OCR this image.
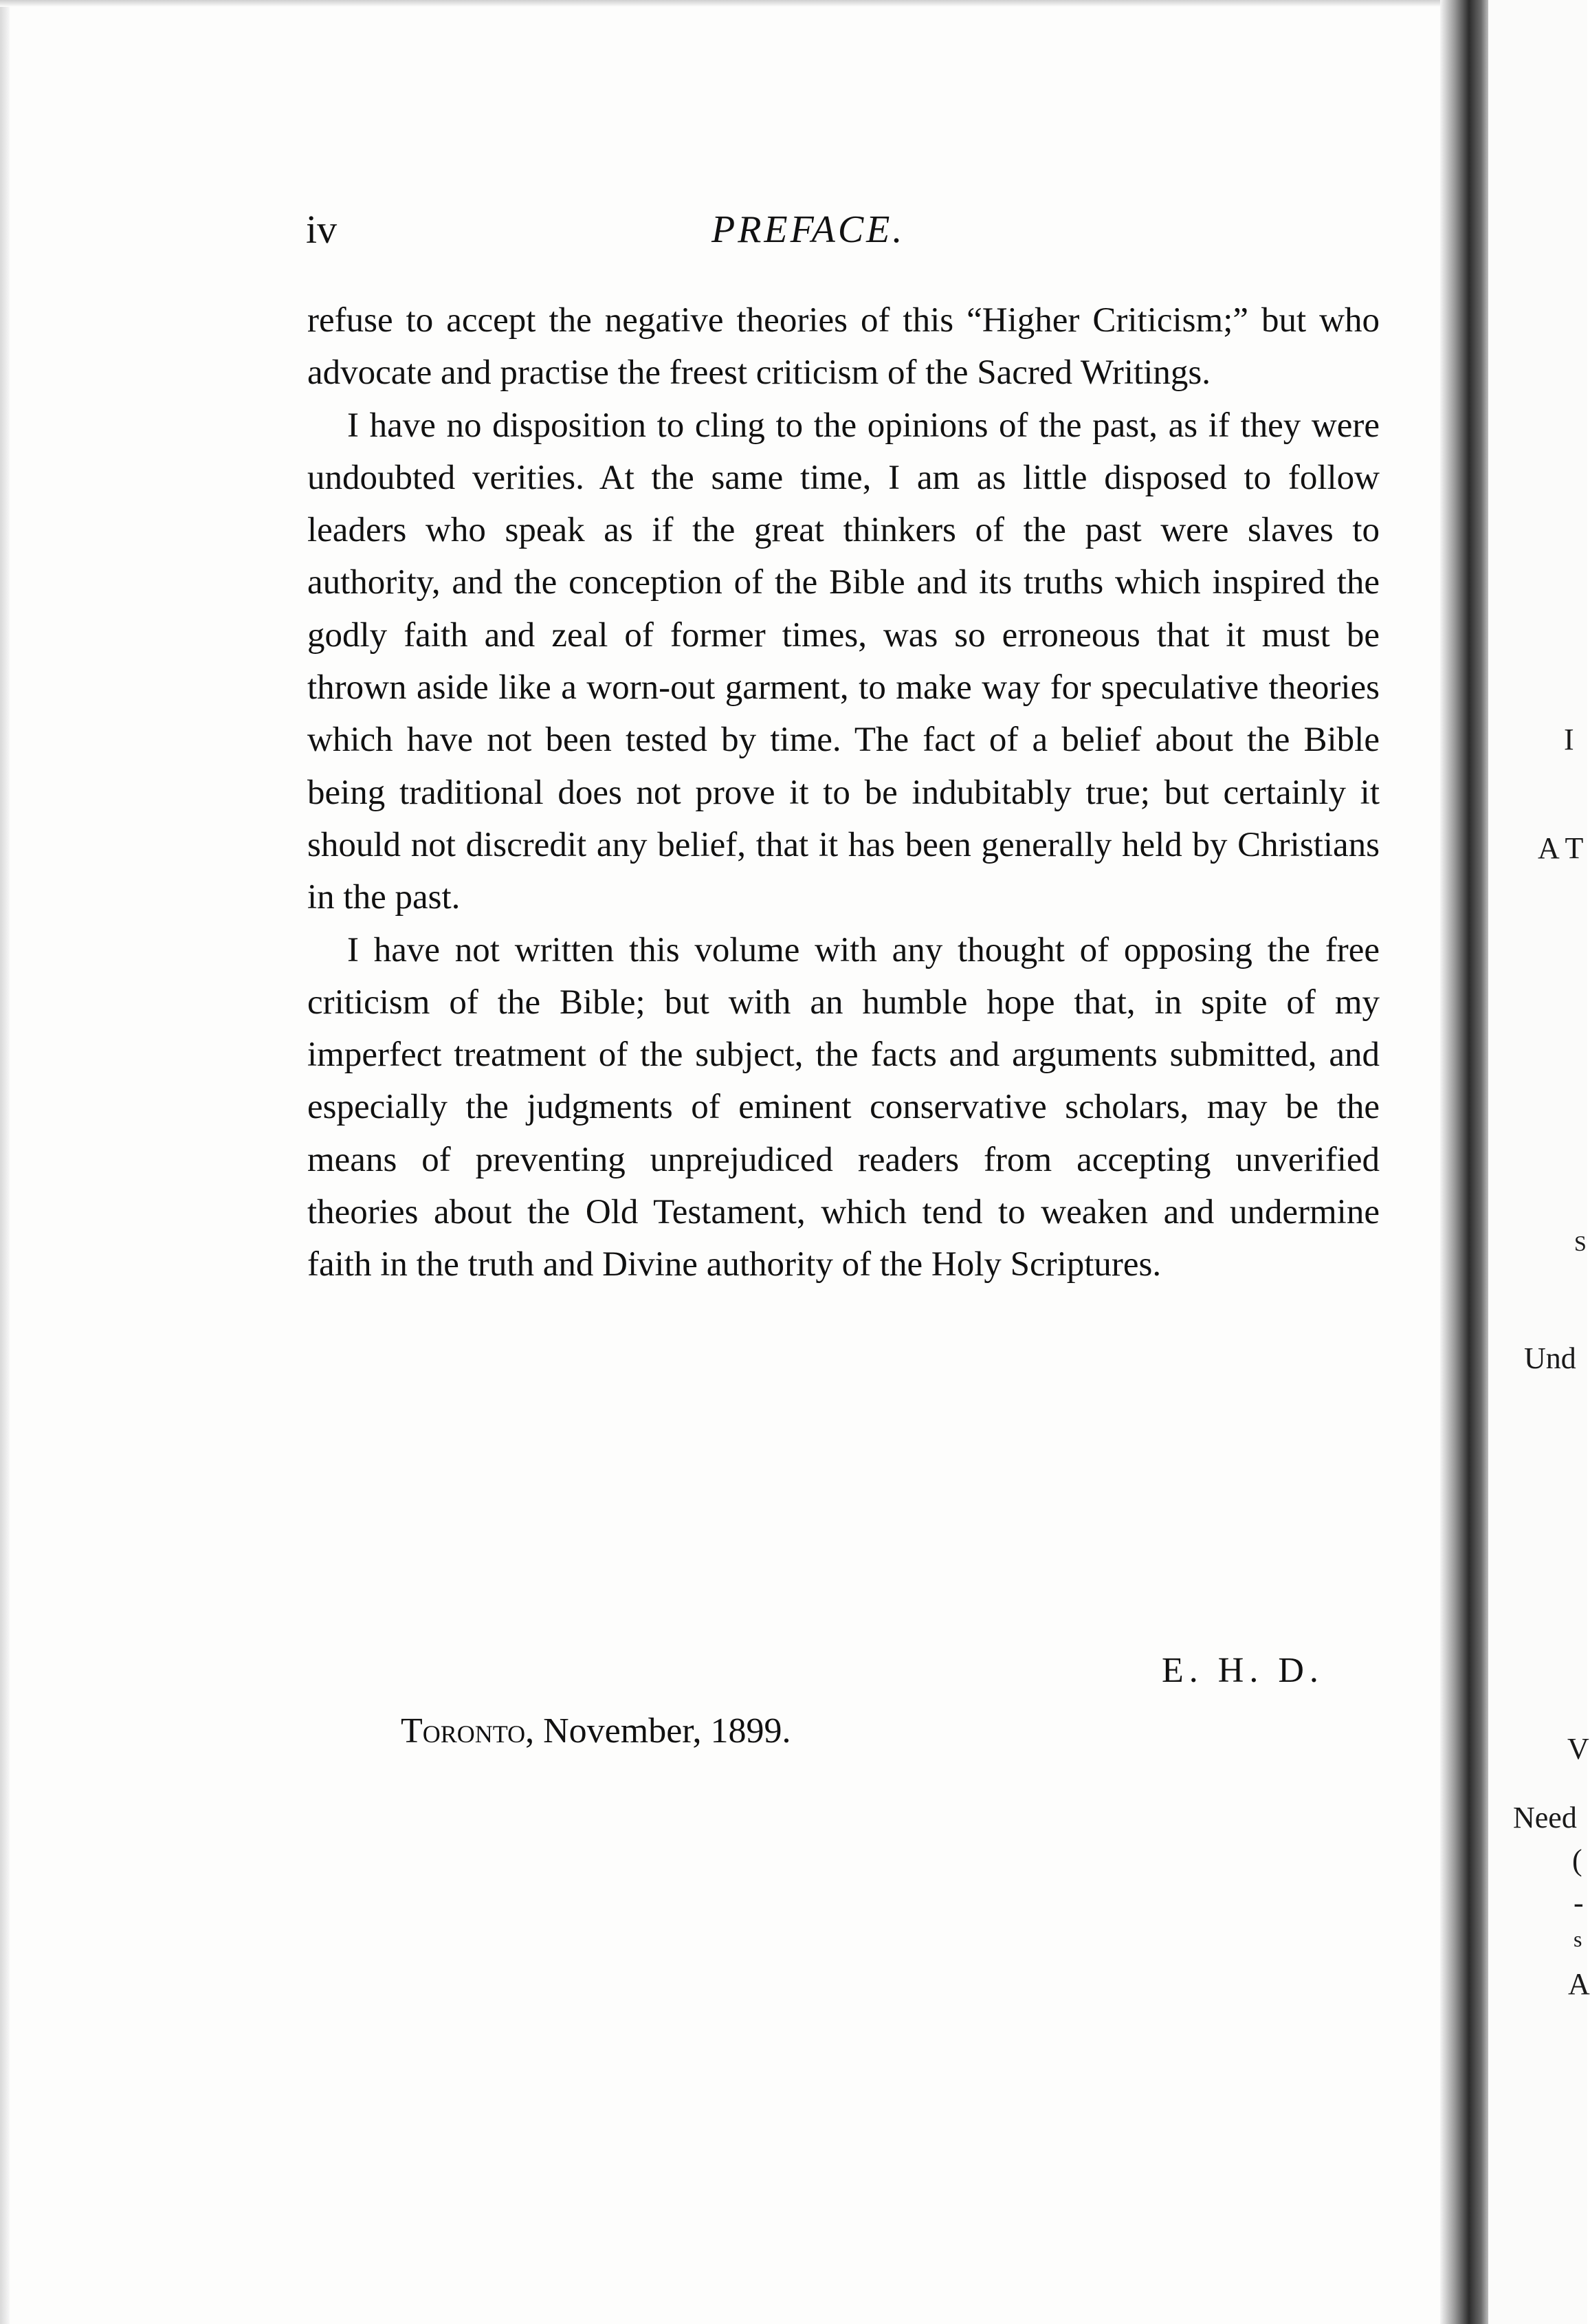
iv	PREFACE.

refuse to accept the negative theories of this “Higher Criticism;” but who advocate and practise the freest criticism of the Sacred Writings.

I have no disposition to cling to the opinions of the past, as if they were undoubted verities. At the same time, I am as little disposed to follow leaders who speak as if the great thinkers of the past were slaves to authority, and the conception of the Bible and its truths which inspired the godly faith and zeal of former times, was so erroneous that it must be thrown aside like a worn-out garment, to make way for speculative theories which have not been tested by time. The fact of a belief about the Bible being traditional does not prove it to be indubitably true; but certainly it should not discredit any belief, that it has been generally held by Christians in the past.

I have not written this volume with any thought of opposing the free criticism of the Bible; but with an humble hope that, in spite of my imperfect treatment of the subject, the facts and arguments submitted, and especially the judgments of eminent conservative scholars, may be the means of preventing unprejudiced readers from accepting unverified theories about the Old Testament, which tend to weaken and undermine faith in the truth and Divine authority of the Holy Scriptures.

E. H. D.
Toronto, November, 1899.
I
A T
S
Und
V
Need
(
-
s
A
